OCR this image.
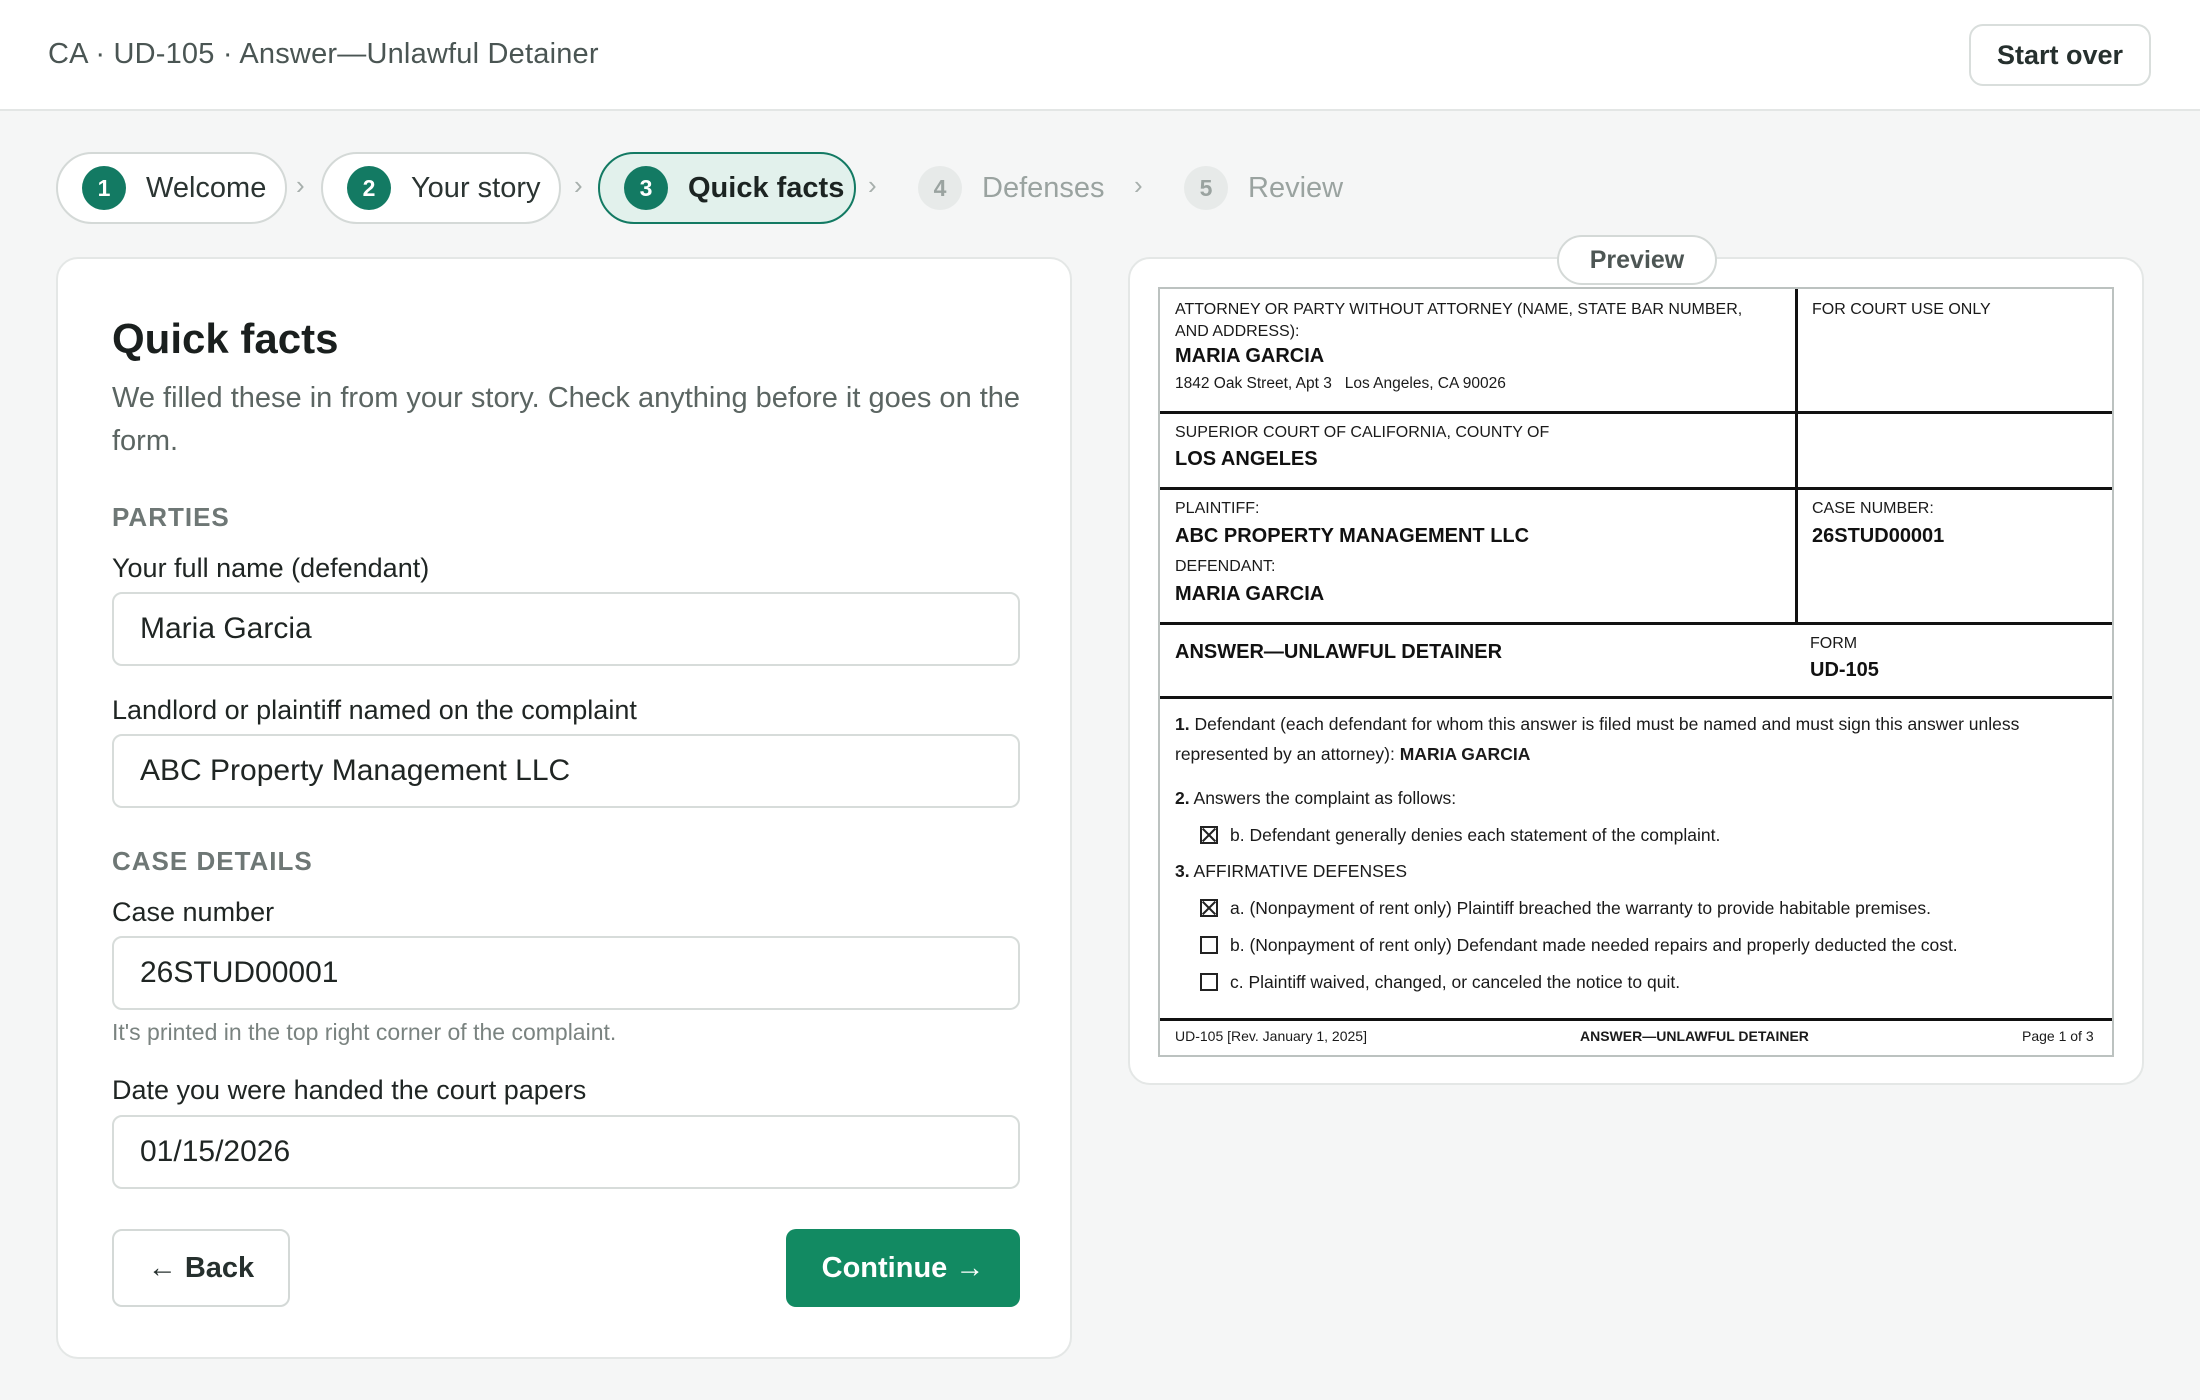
CA · UD-105 · Answer—Unlawful Detainer	Start over
1	Welcome ›	2	Your story ›	3	Quick facts ›	4	Defenses ›	5	Review
Quick facts
We filled these in from your story. Check anything before it goes on the form.
PARTIES
Your full name (defendant)
Maria Garcia
Landlord or plaintiff named on the complaint
ABC Property Management LLC
CASE DETAILS
Case number
26STUD00001
It's printed in the top right corner of the complaint.
Date you were handed the court papers
01/15/2026
← Back	Continue →
Preview
ATTORNEY OR PARTY WITHOUT ATTORNEY (NAME, STATE BAR NUMBER, AND ADDRESS):
MARIA GARCIA
1842 Oak Street, Apt 3   Los Angeles, CA 90026
FOR COURT USE ONLY
SUPERIOR COURT OF CALIFORNIA, COUNTY OF
LOS ANGELES
PLAINTIFF:
ABC PROPERTY MANAGEMENT LLC
DEFENDANT:
MARIA GARCIA
CASE NUMBER:
26STUD00001
ANSWER—UNLAWFUL DETAINER	FORM
UD-105
1. Defendant (each defendant for whom this answer is filed must be named and must sign this answer unless represented by an attorney): MARIA GARCIA
2. Answers the complaint as follows:
b. Defendant generally denies each statement of the complaint.
3. AFFIRMATIVE DEFENSES
a. (Nonpayment of rent only) Plaintiff breached the warranty to provide habitable premises.
b. (Nonpayment of rent only) Defendant made needed repairs and properly deducted the cost.
c. Plaintiff waived, changed, or canceled the notice to quit.
UD-105 [Rev. January 1, 2025]	ANSWER—UNLAWFUL DETAINER	Page 1 of 3
